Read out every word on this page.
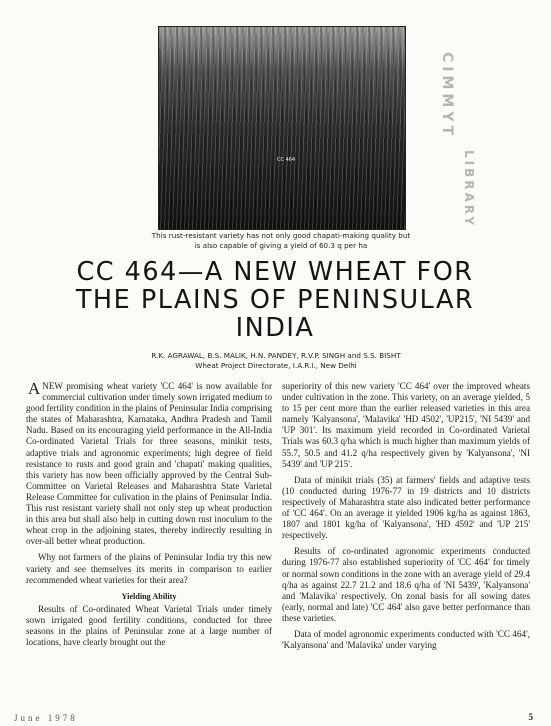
CC 464
CIMMYT
LIBRARY
This rust-resistant variety has not only good chapati-making quality but is also capable of giving a yield of 60.3 q per ha
CC 464—A NEW WHEAT FOR
THE PLAINS OF PENINSULAR
INDIA
R.K. AGRAWAL, B.S. MALIK, H.N. PANDEY, R.V.P. SINGH and S.S. BISHT
Wheat Project Directorate, I.A.R.I., New Delhi

ANEW promising wheat variety 'CC 464' is now available for commercial cultivation under timely sown irrigated medium to good fertility condition in the plains of Peninsular India comprising the states of Maharashtra, Karnataka, Andhra Pradesh and Tamil Nadu. Based on its encouraging yield performance in the All-India Co-ordinated Varietal Trials for three seasons, minikit tests, adaptive trials and agronomic experiments; high degree of field resistance to rusts and good grain and 'chapati' making qualities, this variety has now been officially approved by the Central Sub-Committee on Varietal Releases and Maharashtra State Varietal Release Committee for culivation in the plains of Peninsular India. This rust resistant variety shall not only step up wheat production in this area but shall also help in cutting down rust inoculum to the wheat crop in the adjoining states, thereby indirectly resulting in over-all better wheat production.

Why not farmers of the plains of Peninsular India try this new variety and see themselves its merits in comparison to earlier recommended wheat varieties for their area?

Yielding Ability

Results of Co-ordinated Wheat Varietal Trials under timely sown irrigated good fertility conditions, conducted for three seasons in the plains of Peninsular zone at a large number of locations, have clearly brought out the

superiority of this new variety 'CC 464' over the improved wheats under cultivation in the zone. This variety, on an average yielded, 5 to 15 per cent more than the earlier released varieties in this area namely 'Kalyansona', 'Malavika' 'HD 4502', 'UP215', 'NI 5439' and 'UP 301'. Its maximum yield recorded in Co-ordinated Varietal Trials was 60.3 q/ha which is much higher than maximum yields of 55.7, 50.5 and 41.2 q/ha respectively given by 'Kalyansona', 'NI 5439' and 'UP 215'.

Data of minikit trials (35) at farmers' fields and adaptive tests (10 conducted during 1976-77 in 19 districts and 10 districts respectively of Maharashtra state also indicated better performance of 'CC 464'. On an average it yielded 1906 kg/ha as against 1863, 1807 and 1801 kg/ha of 'Kalyansona', 'HD 4592' and 'UP 215' respectively.

Results of co-ordinated agronomic experiments conducted during 1976-77 also established superiority of 'CC 464' for timely or normal sown conditions in the zone with an average yield of 29.4 q/ha as against 22.7 21.2 and 18.6 q/ha of 'NI 5439', 'Kalyansona' and 'Malavika' respectively. On zonal basis for all sowing dates (early, normal and late) 'CC 464' also gave better performance than these varieties.

Data of model agronomic experiments conducted with 'CC 464', 'Kalyansona' and 'Malavika' under varying

June 1978	5
